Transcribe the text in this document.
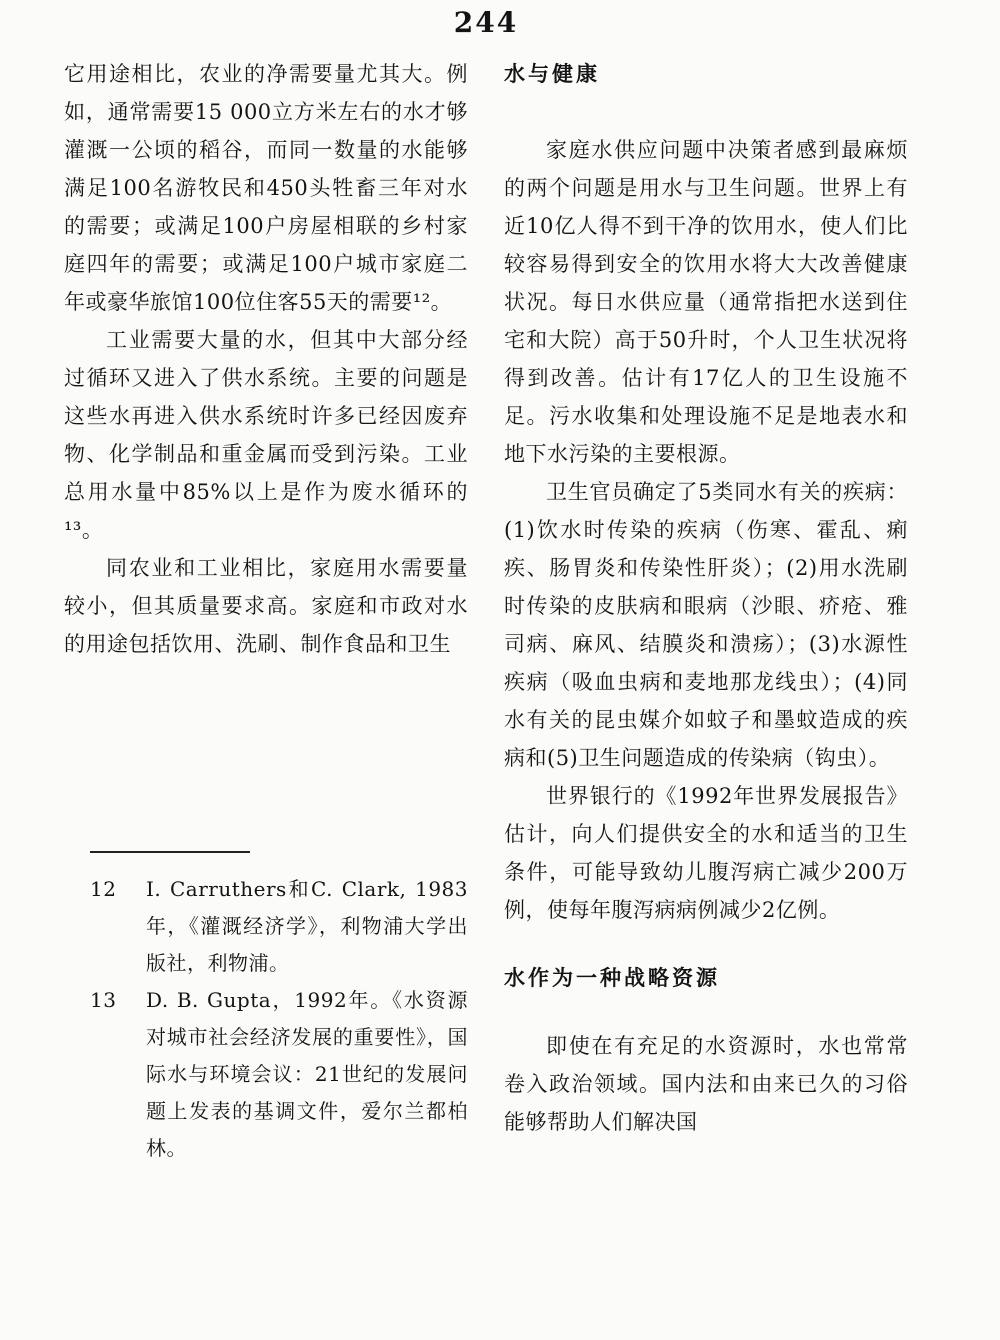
244

它用途相比，农业的净需要量尤其大。例如，通常需要15 000立方米左右的水才够灌溉一公顷的稻谷，而同一数量的水能够满足100名游牧民和450头牲畜三年对水的需要；或满足100户房屋相联的乡村家庭四年的需要；或满足100户城市家庭二年或豪华旅馆100位住客55天的需要¹²。

工业需要大量的水，但其中大部分经过循环又进入了供水系统。主要的问题是这些水再进入供水系统时许多已经因废弃物、化学制品和重金属而受到污染。工业总用水量中85%以上是作为废水循环的¹³。

同农业和工业相比，家庭用水需要量较小，但其质量要求高。家庭和市政对水的用途包括饮用、洗刷、制作食品和卫生

12	I. Carruthers和C. Clark, 1983年，《灌溉经济学》，利物浦大学出版社，利物浦。
13	D. B. Gupta，1992年。《水资源对城市社会经济发展的重要性》，国际水与环境会议：21世纪的发展问题上发表的基调文件，爱尔兰都柏林。
水与健康

家庭水供应问题中决策者感到最麻烦的两个问题是用水与卫生问题。世界上有近10亿人得不到干净的饮用水，使人们比较容易得到安全的饮用水将大大改善健康状况。每日水供应量（通常指把水送到住宅和大院）高于50升时，个人卫生状况将得到改善。估计有17亿人的卫生设施不足。污水收集和处理设施不足是地表水和地下水污染的主要根源。

卫生官员确定了5类同水有关的疾病：(1)饮水时传染的疾病（伤寒、霍乱、痢疾、肠胃炎和传染性肝炎）；(2)用水洗刷时传染的皮肤病和眼病（沙眼、疥疮、雅司病、麻风、结膜炎和溃疡）；(3)水源性疾病（吸血虫病和麦地那龙线虫）；(4)同水有关的昆虫媒介如蚊子和墨蚊造成的疾病和(5)卫生问题造成的传染病（钩虫）。

世界银行的《1992年世界发展报告》估计，向人们提供安全的水和适当的卫生条件，可能导致幼儿腹泻病亡减少200万例，使每年腹泻病病例减少2亿例。

水作为一种战略资源

即使在有充足的水资源时，水也常常卷入政治领域。国内法和由来已久的习俗能够帮助人们解决国
